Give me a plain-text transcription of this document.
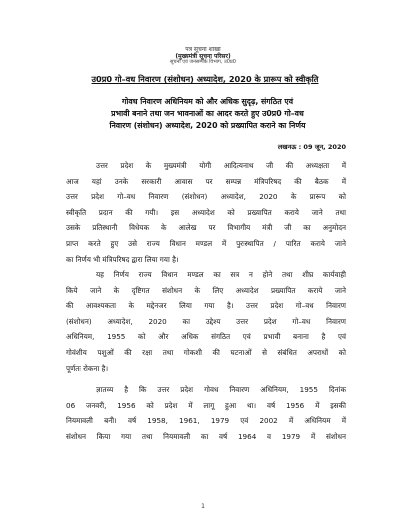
पत्र सूचना शाखा
(मुख्यमंत्री सूचना परिसर)
सूचना एवं जनसम्पर्क विभाग, उ0प्र0
उ0प्र0 गो–वध निवारण (संशोधन) अध्यादेश, 2020 के प्रारूप को स्वीकृति
गोवध निवारण अधिनियम को और अधिक सुदृढ़, संगठित एवं
प्रभावी बनाने तथा जन भावनाओं का आदर करते हुए उ0प्र0 गो–वध
निवारण (संशोधन) अध्यादेश, 2020 को प्रख्यापित कराने का निर्णय
लखनऊ : 09 जून, 2020
उत्तर प्रदेश के मुख्यमंत्री योगी आदित्यनाथ जी की अध्यक्षता में
आज यहां उनके सरकारी आवास पर सम्पन्न मंत्रिपरिषद की बैठक में
उत्तर प्रदेश गो–वध निवारण (संशोधन) अध्यादेश, 2020 के प्रारूप को
स्वीकृति प्रदान की गयी। इस अध्यादेश को प्रख्यापित कराये जाने तथा
उसके प्रतिस्थानी विधेयक के आलेख पर विभागीय मंत्री जी का अनुमोदन
प्राप्त करते हुए उसे राज्य विधान मण्डल में पुरःस्थापित / पारित कराये जाने
का निर्णय भी मंत्रिपरिषद द्वारा लिया गया है।
यह निर्णय राज्य विधान मण्डल का सत्र न होने तथा शीघ्र कार्यवाही
किये जाने के दृष्टिगत संशोधन के लिए अध्यादेश प्रख्यापित कराये जाने
की आवश्यकता के मद्देनजर लिया गया है। उत्तर प्रदेश गो–वध निवारण
(संशोधन) अध्यादेश, 2020 का उद्देश्य उत्तर प्रदेश गो–वध निवारण
अधिनियम, 1955 को और अधिक संगठित एवं प्रभावी बनाना है एवं
गोवंशीय पशुओं की रक्षा तथा गोकशी की घटनाओं से संबंधित अपराधों को
पूर्णतः रोकना है।
ज्ञातव्य है कि उत्तर प्रदेश गोवध निवारण अधिनियम, 1955 दिनांक
06 जनवरी, 1956 को प्रदेश में लागू हुआ था। वर्ष 1956 में इसकी
नियमावली बनी। वर्ष 1958, 1961, 1979 एवं 2002 में अधिनियम में
संशोधन किया गया तथा नियमावली का वर्ष 1964 व 1979 में संशोधन
1
